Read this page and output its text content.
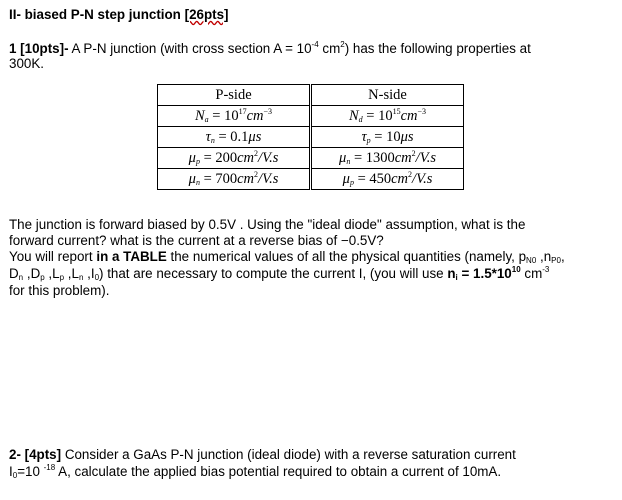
II- biased P-N step junction [26pts]
1 [10pts]- A P-N junction (with cross section $A = 10^{-4}$ $cm^2$) has the following properties at
300K.
P-side	N-side
$N_a = 10^{17}cm^{-3}$	$N_d = 10^{15}cm^{-3}$
$\tau_n = 0.1\mu s$	$\tau_p = 10\mu s$
$\mu_p = 200cm^2/V.s$	$\mu_n = 1300cm^2/V.s$
$\mu_n = 700cm^2/V.s$	$\mu_p = 450cm^2/V.s$
The junction is forward biased by 0.5V . Using the "ideal diode" assumption, what is the
forward current? what is the current at a reverse bias of −0.5V?
You will report in a TABLE the numerical values of all the physical quantities (namely, $p_{N0}$ $,n_{P0}$,
$D_n$ $,D_p$ $,L_p$ $,L_n$ $,I_0$) that are necessary to compute the current I, (you will use $n_i = 1.5*10^{10}$ $cm^{-3}$
for this problem).
2- [4pts] Consider a GaAs P-N junction (ideal diode) with a reverse saturation current
$I_0=10$ $^{-18}$ A, calculate the applied bias potential required to obtain a current of 10mA.
